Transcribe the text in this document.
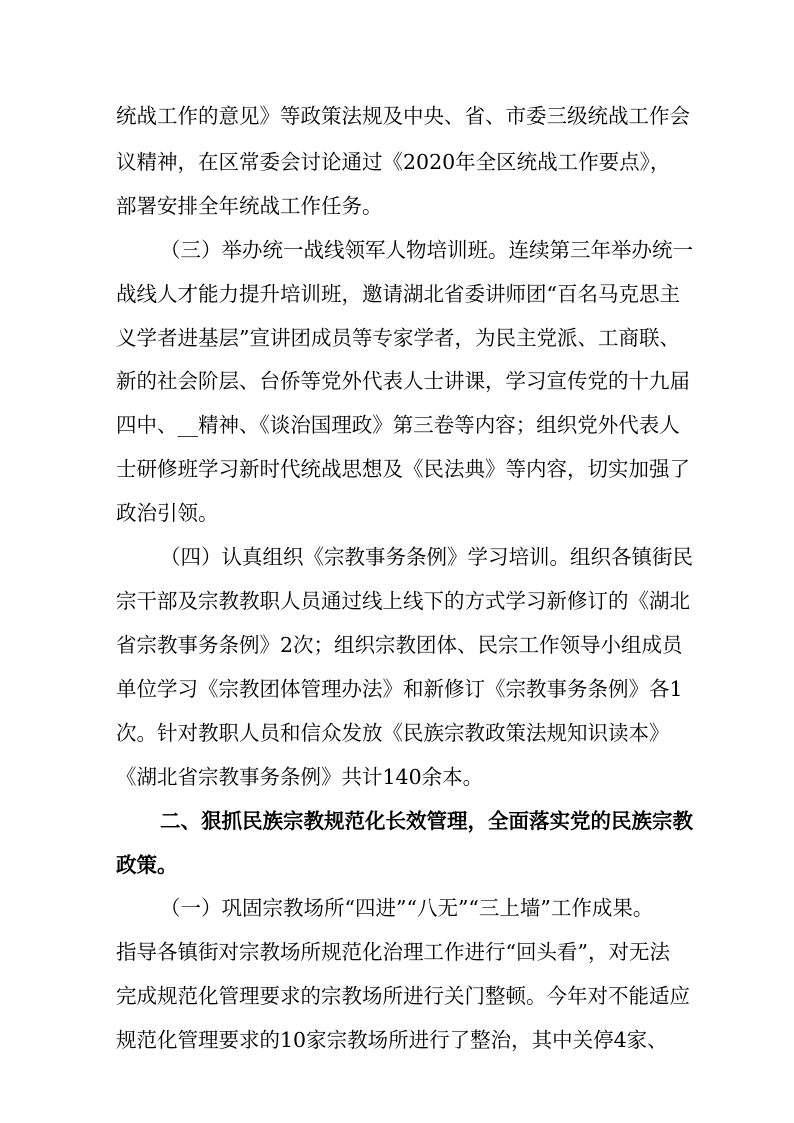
统战工作的意见》等政策法规及中央、省、市委三级统战工作会
议精神，在区常委会讨论通过《2020年全区统战工作要点》，
部署安排全年统战工作任务。
（三）举办统一战线领军人物培训班。连续第三年举办统一
战线人才能力提升培训班，邀请湖北省委讲师团“百名马克思主
义学者进基层”宣讲团成员等专家学者，为民主党派、工商联、
新的社会阶层、台侨等党外代表人士讲课，学习宣传党的十九届
四中、__精神、《谈治国理政》第三卷等内容；组织党外代表人
士研修班学习新时代统战思想及《民法典》等内容，切实加强了
政治引领。
（四）认真组织《宗教事务条例》学习培训。组织各镇街民
宗干部及宗教教职人员通过线上线下的方式学习新修订的《湖北
省宗教事务条例》2次；组织宗教团体、民宗工作领导小组成员
单位学习《宗教团体管理办法》和新修订《宗教事务条例》各1
次。针对教职人员和信众发放《民族宗教政策法规知识读本》
《湖北省宗教事务条例》共计140余本。
二、狠抓民族宗教规范化长效管理，全面落实党的民族宗教
政策。
（一）巩固宗教场所“四进”“八无”“三上墙”工作成果。
指导各镇街对宗教场所规范化治理工作进行“回头看”，对无法
完成规范化管理要求的宗教场所进行关门整顿。今年对不能适应
规范化管理要求的10家宗教场所进行了整治，其中关停4家、
